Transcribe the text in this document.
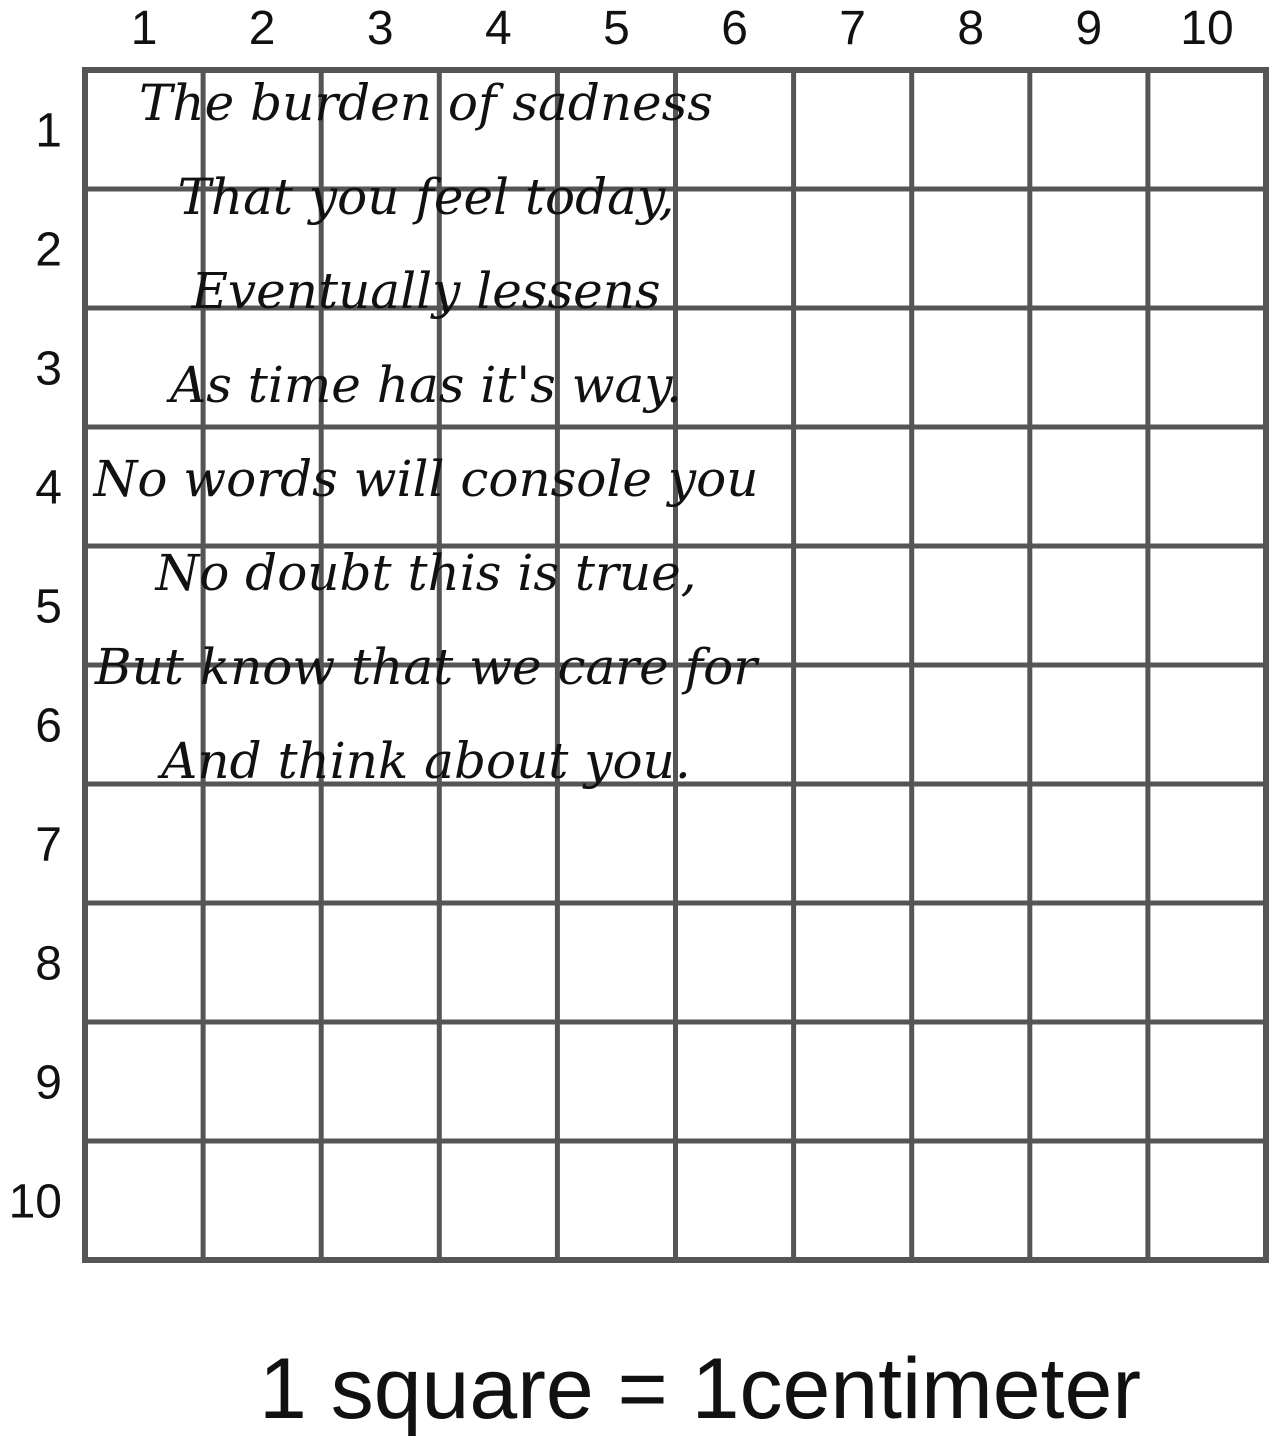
1 2 3 4 5 6 7 8 9 10
1
2
3
4
5
6
7
8
9
10
The burden of sadness
That you feel today,
Eventually lessens
As time has it's way.
No words will console you
No doubt this is true,
But know that we care for
And think about you.
1 square = 1centimeter
